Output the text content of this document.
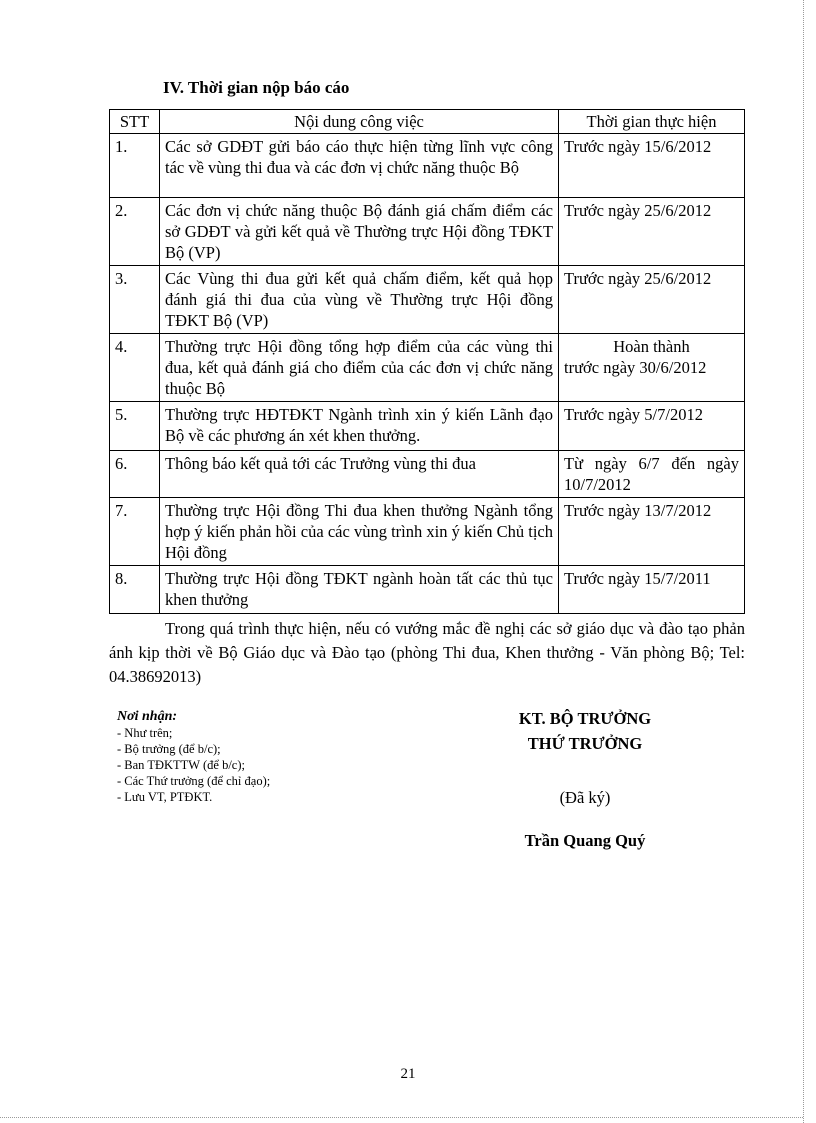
IV. Thời gian nộp báo cáo
STT	Nội dung công việc	Thời gian thực hiện
1.	Các sở GDĐT gửi báo cáo thực hiện từng lĩnh vực công tác về vùng thi đua và các đơn vị chức năng thuộc Bộ	Trước ngày 15/6/2012
2.	Các đơn vị chức năng thuộc Bộ đánh giá chấm điểm các sở GDĐT và gửi kết quả về Thường trực Hội đồng TĐKT Bộ (VP)	Trước ngày 25/6/2012
3.	Các Vùng thi đua gửi kết quả chấm điểm, kết quả họp đánh giá thi đua của vùng về Thường trực Hội đồng TĐKT Bộ (VP)	Trước ngày 25/6/2012
4.	Thường trực Hội đồng tổng hợp điểm của các vùng thi đua, kết quả đánh giá cho điểm của các đơn vị chức năng thuộc Bộ	Hoàn thành
trước ngày 30/6/2012

5.	Thường trực HĐTĐKT Ngành trình xin ý kiến Lãnh đạo Bộ về các phương án xét khen thưởng.	Trước ngày 5/7/2012
6.	Thông báo kết quả tới các Trưởng vùng thi đua	Từ ngày 6/7 đến ngày 10/7/2012
7.	Thường trực Hội đồng Thi đua khen thưởng Ngành tổng hợp ý kiến phản hồi của các vùng trình xin ý kiến Chủ tịch Hội đồng	Trước ngày 13/7/2012
8.	Thường trực Hội đồng TĐKT ngành hoàn tất các thủ tục khen thưởng	Trước ngày 15/7/2011

Trong quá trình thực hiện, nếu có vướng mắc đề nghị các sở giáo dục và đào tạo phản ánh kịp thời về Bộ Giáo dục và Đào tạo (phòng Thi đua, Khen thưởng - Văn phòng Bộ; Tel: 04.38692013)

Nơi nhận:
- Như trên;
- Bộ trưởng (để b/c);
- Ban TĐKTTW (để b/c);
- Các Thứ trưởng (để chỉ đạo);
- Lưu VT, PTĐKT.
KT. BỘ TRƯỞNG
THỨ TRƯỞNG
(Đã ký)
Trần Quang Quý
21
